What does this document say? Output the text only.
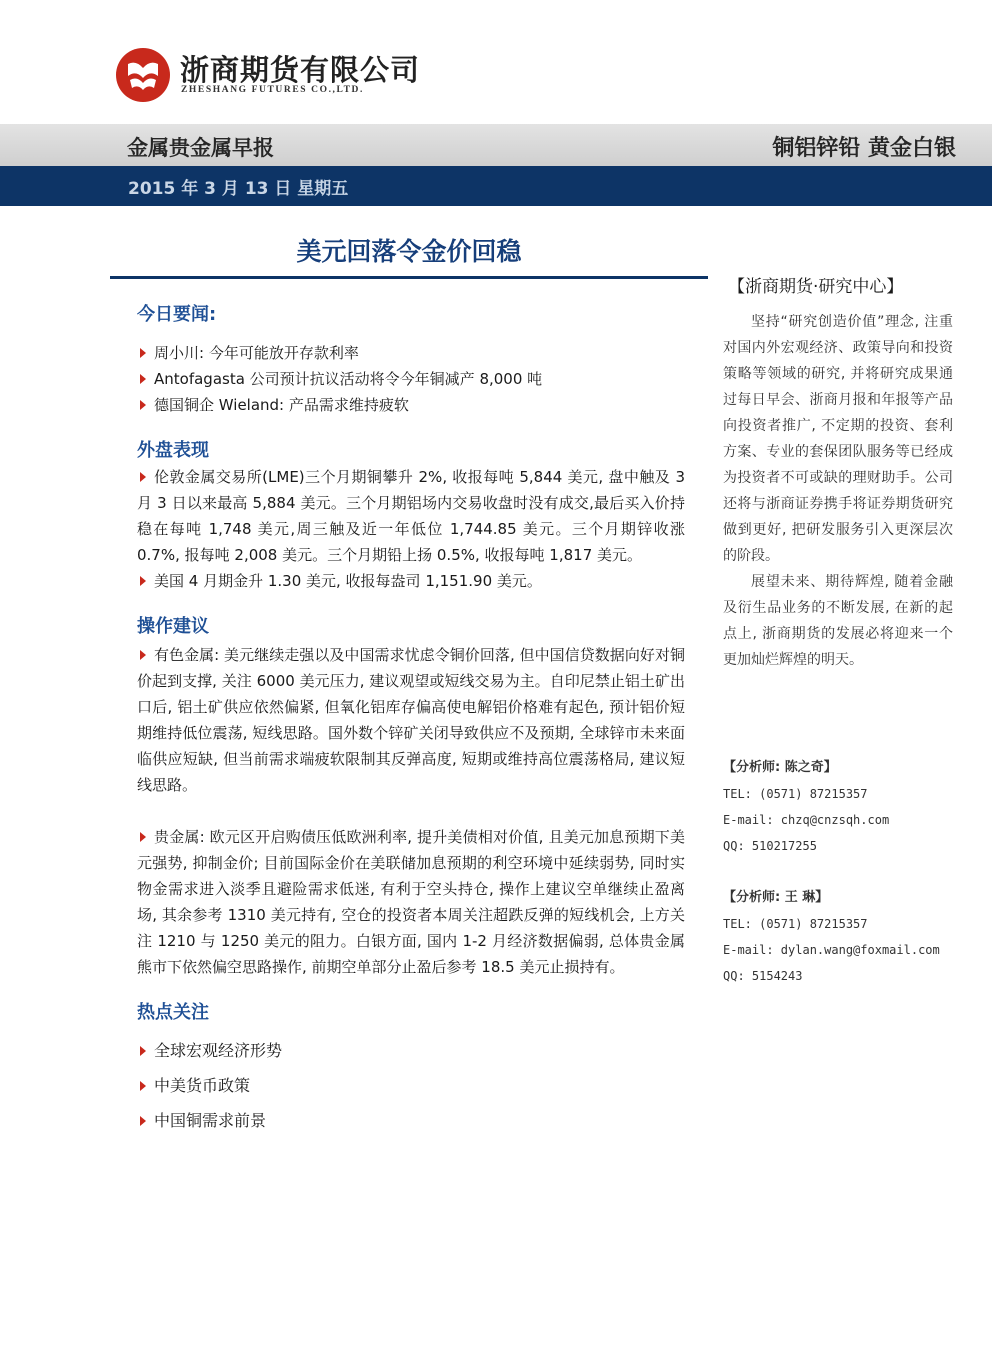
浙商期货有限公司
ZHESHANG FUTURES CO.,LTD.
金属贵金属早报	铜铝锌铅 黄金白银
2015 年 3 月 13 日 星期五
美元回落令金价回稳
今日要闻:
周小川: 今年可能放开存款利率
Antofagasta 公司预计抗议活动将令今年铜减产 8,000 吨
德国铜企 Wieland: 产品需求维持疲软
外盘表现

伦敦金属交易所(LME)三个月期铜攀升 2%, 收报每吨 5,844 美元, 盘中触及 3 月 3 日以来最高 5,884 美元。三个月期铝场内交易收盘时没有成交,最后买入价持稳在每吨 1,748 美元,周三触及近一年低位 1,744.85 美元。三个月期锌收涨 0.7%, 报每吨 2,008 美元。三个月期铅上扬 0.5%, 收报每吨 1,817 美元。

美国 4 月期金升 1.30 美元, 收报每盎司 1,151.90 美元。

操作建议

有色金属: 美元继续走强以及中国需求忧虑令铜价回落, 但中国信贷数据向好对铜价起到支撑, 关注 6000 美元压力, 建议观望或短线交易为主。自印尼禁止铝土矿出口后, 铝土矿供应依然偏紧, 但氧化铝库存偏高使电解铝价格难有起色, 预计铝价短期维持低位震荡, 短线思路。国外数个锌矿关闭导致供应不及预期, 全球锌市未来面临供应短缺, 但当前需求端疲软限制其反弹高度, 短期或维持高位震荡格局, 建议短线思路。

贵金属: 欧元区开启购债压低欧洲利率, 提升美债相对价值, 且美元加息预期下美元强势, 抑制金价; 目前国际金价在美联储加息预期的利空环境中延续弱势, 同时实物金需求进入淡季且避险需求低迷, 有利于空头持仓, 操作上建议空单继续止盈离场, 其余参考 1310 美元持有, 空仓的投资者本周关注超跌反弹的短线机会, 上方关注 1210 与 1250 美元的阻力。白银方面, 国内 1-2 月经济数据偏弱, 总体贵金属熊市下依然偏空思路操作, 前期空单部分止盈后参考 18.5 美元止损持有。

热点关注
全球宏观经济形势
中美货币政策
中国铜需求前景
【浙商期货·研究中心】

坚持“研究创造价值”理念, 注重对国内外宏观经济、政策导向和投资策略等领域的研究, 并将研究成果通过每日早会、浙商月报和年报等产品向投资者推广, 不定期的投资、套利方案、专业的套保团队服务等已经成为投资者不可或缺的理财助手。公司还将与浙商证券携手将证券期货研究做到更好, 把研发服务引入更深层次的阶段。

展望未来、期待辉煌, 随着金融及衍生品业务的不断发展, 在新的起点上, 浙商期货的发展必将迎来一个更加灿烂辉煌的明天。

【分析师: 陈之奇】
TEL: (0571) 87215357
E-mail: chzq@cnzsqh.com
QQ: 510217255
【分析师: 王 琳】
TEL: (0571) 87215357
E-mail: dylan.wang@foxmail.com
QQ: 5154243
